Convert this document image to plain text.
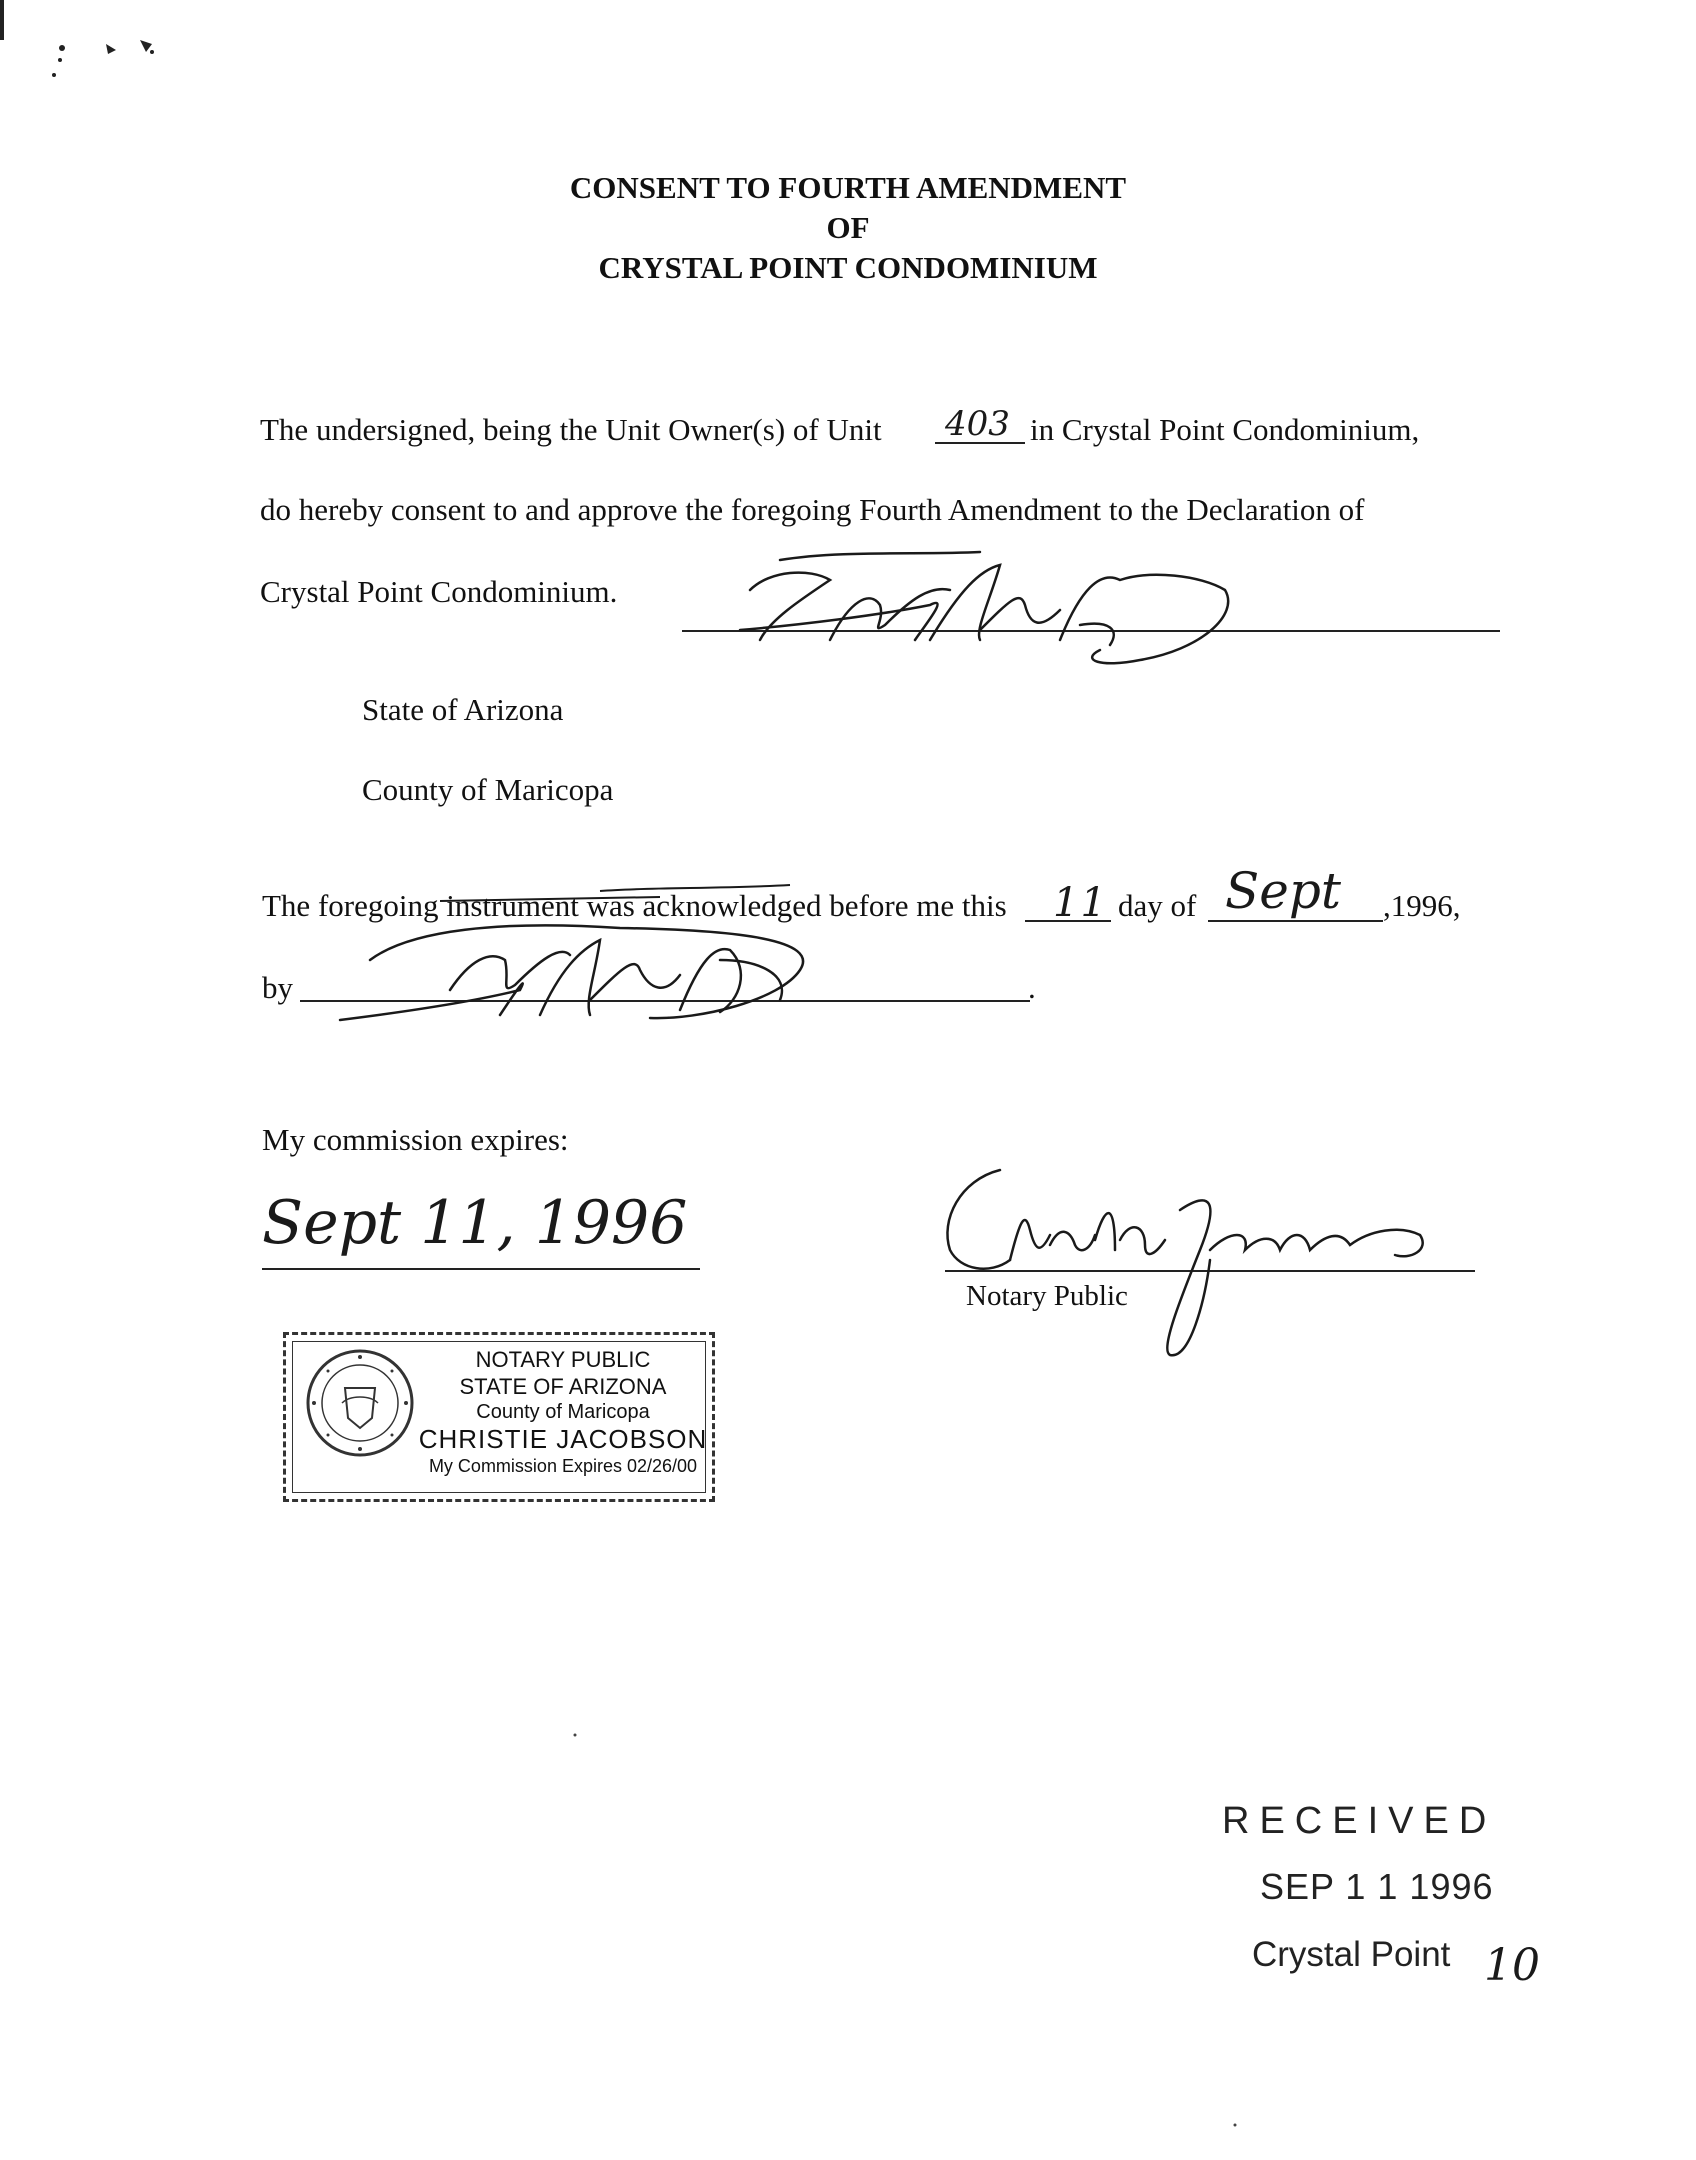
CONSENT TO FOURTH AMENDMENT
OF
CRYSTAL POINT CONDOMINIUM
The undersigned, being the Unit Owner(s) of Unit 403 in Crystal Point Condominium,
do hereby consent to and approve the foregoing Fourth Amendment to the Declaration of
Crystal Point Condominium.
State of Arizona
County of Maricopa
The foregoing instrument was acknowledged before me this 11 day of Sept ,1996,
by	.
My commission expires:
Sept 11, 1996
Notary Public
NOTARY PUBLIC
STATE OF ARIZONA
County of Maricopa
CHRISTIE JACOBSON
My Commission Expires 02/26/00
RECEIVED
SEP 1 1 1996
Crystal Point 10
